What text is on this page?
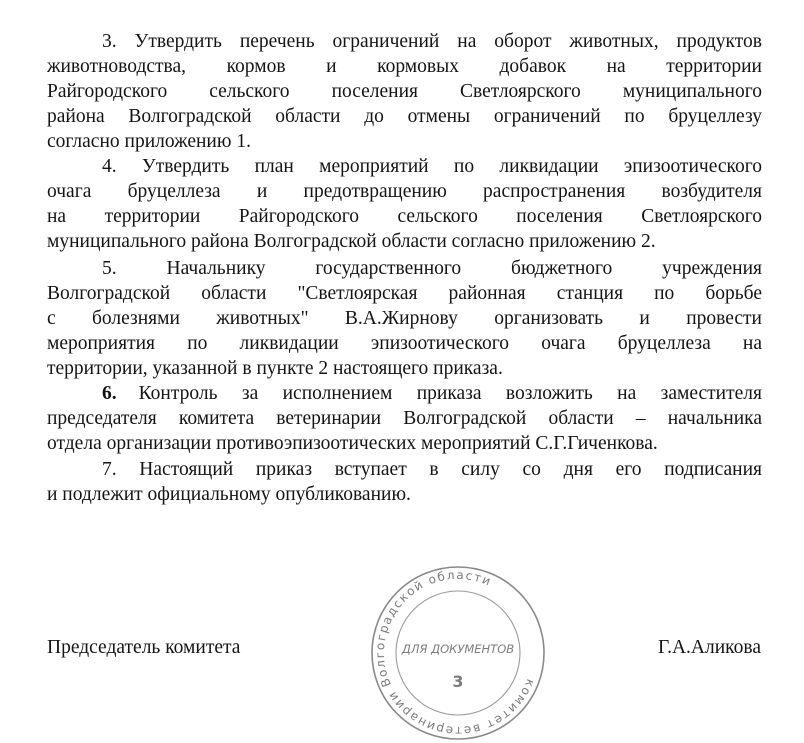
3. Утвердить перечень ограничений на оборот животных, продуктов
животноводства, кормов и кормовых добавок на территории
Райгородского сельского поселения Светлоярского муниципального
района Волгоградской области до отмены ограничений по бруцеллезу
согласно приложению 1.
4. Утвердить план мероприятий по ликвидации эпизоотического
очага бруцеллеза и предотвращению распространения возбудителя
на территории Райгородского сельского поселения Светлоярского
муниципального района Волгоградской области согласно приложению 2.
5. Начальнику государственного бюджетного учреждения
Волгоградской области "Светлоярская районная станция по борьбе
с болезнями животных" В.А.Жирнову организовать и провести
мероприятия по ликвидации эпизоотического очага бруцеллеза на
территории, указанной в пункте 2 настоящего приказа.
6. Контроль за исполнением приказа возложить на заместителя
председателя комитета ветеринарии Волгоградской области – начальника
отдела организации противоэпизоотических мероприятий С.Г.Гиченкова.
7. Настоящий приказ вступает в силу со дня его подписания
и подлежит официальному опубликованию.
Председатель комитета	Г.А.Аликова
комитет ветеринарии Волгоградской области
ДЛЯ ДОКУМЕНТОВ
3
